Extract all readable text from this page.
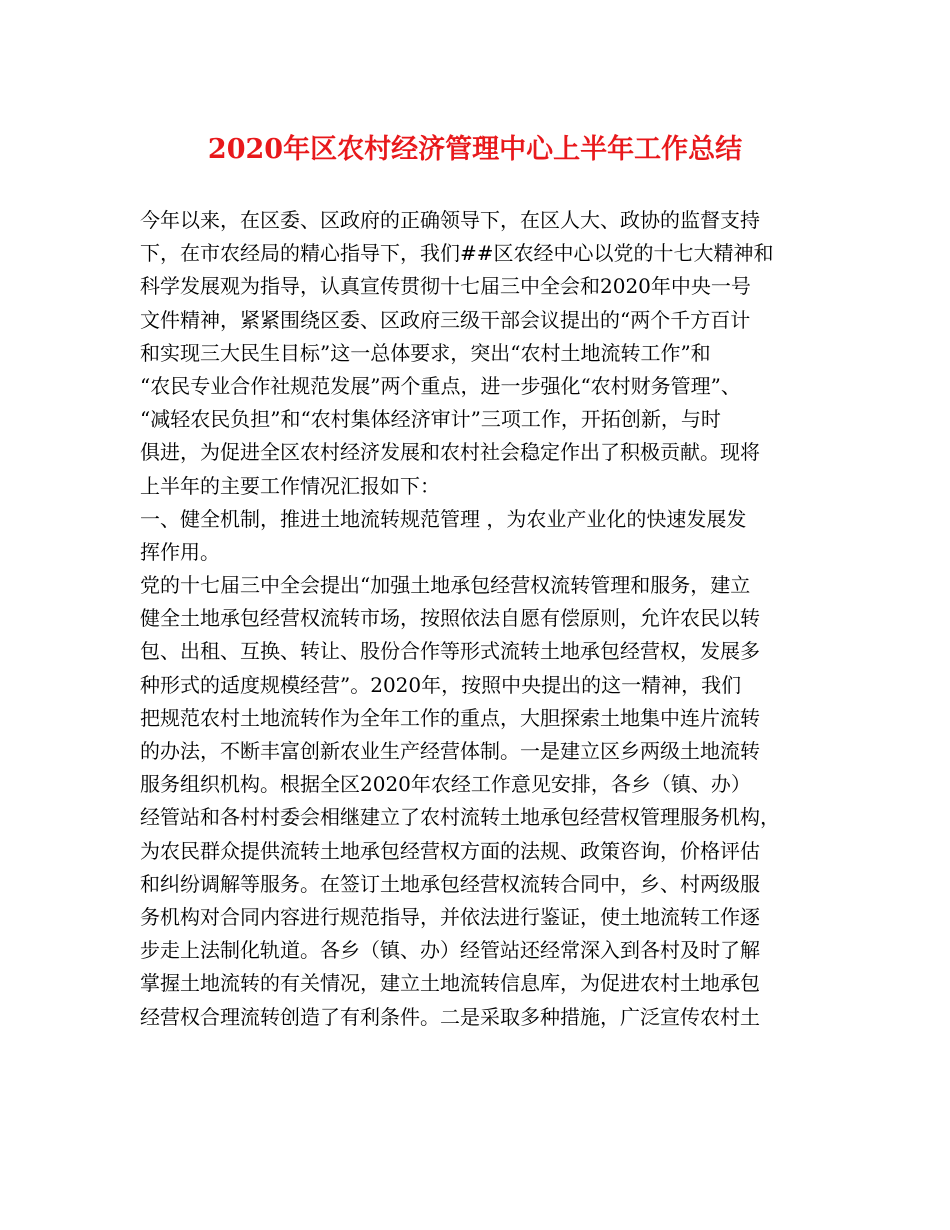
2020年区农村经济管理中心上半年工作总结
今年以来，在区委、区政府的正确领导下，在区人大、政协的监督支持
下，在市农经局的精心指导下，我们##区农经中心以党的十七大精神和
科学发展观为指导，认真宣传贯彻十七届三中全会和2020年中央一号
文件精神，紧紧围绕区委、区政府三级干部会议提出的“两个千方百计
和实现三大民生目标”这一总体要求，突出“农村土地流转工作”和
“农民专业合作社规范发展”两个重点，进一步强化“农村财务管理”、
“减轻农民负担”和“农村集体经济审计”三项工作，开拓创新，与时
俱进，为促进全区农村经济发展和农村社会稳定作出了积极贡献。现将
上半年的主要工作情况汇报如下：
一、健全机制，推进土地流转规范管理 ，为农业产业化的快速发展发
挥作用。
党的十七届三中全会提出“加强土地承包经营权流转管理和服务，建立
健全土地承包经营权流转市场，按照依法自愿有偿原则，允许农民以转
包、出租、互换、转让、股份合作等形式流转土地承包经营权，发展多
种形式的适度规模经营”。2020年，按照中央提出的这一精神，我们
把规范农村土地流转作为全年工作的重点，大胆探索土地集中连片流转
的办法，不断丰富创新农业生产经营体制。一是建立区乡两级土地流转
服务组织机构。根据全区2020年农经工作意见安排，各乡（镇、办）
经管站和各村村委会相继建立了农村流转土地承包经营权管理服务机构，
为农民群众提供流转土地承包经营权方面的法规、政策咨询，价格评估
和纠纷调解等服务。在签订土地承包经营权流转合同中，乡、村两级服
务机构对合同内容进行规范指导，并依法进行鉴证，使土地流转工作逐
步走上法制化轨道。各乡（镇、办）经管站还经常深入到各村及时了解
掌握土地流转的有关情况，建立土地流转信息库，为促进农村土地承包
经营权合理流转创造了有利条件。二是采取多种措施，广泛宣传农村土
